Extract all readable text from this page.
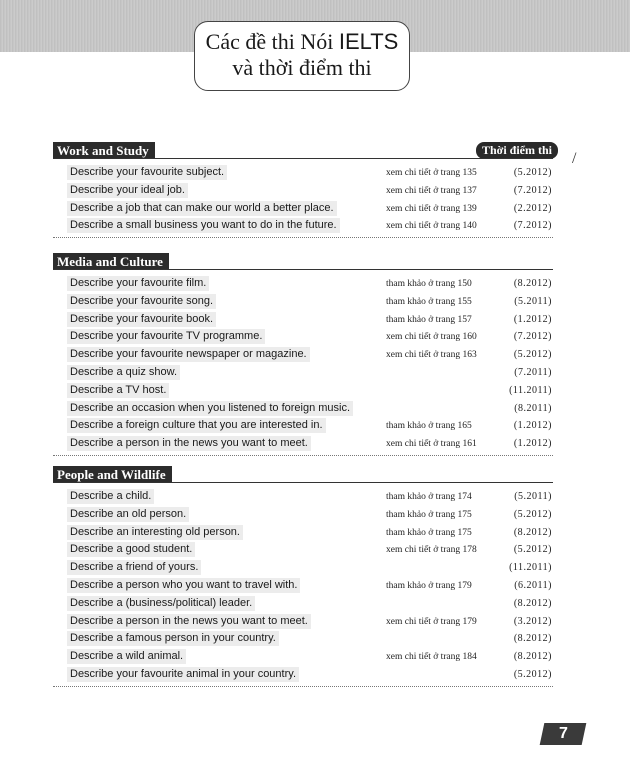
Các đề thi Nói IELTS
và thời điểm thi
Thời điểm thi	/
Work and Study
Describe your favourite subject.	xem chi tiết ở trang 135	(5.2012)
Describe your ideal job.	xem chi tiết ở trang 137	(7.2012)
Describe a job that can make our world a better place.	xem chi tiết ở trang 139	(2.2012)
Describe a small business you want to do in the future.	xem chi tiết ở trang 140	(7.2012)
Media and Culture
Describe your favourite film.	tham khảo ở trang 150	(8.2012)
Describe your favourite song.	tham khảo ở trang 155	(5.2011)
Describe your favourite book.	tham khảo ở trang 157	(1.2012)
Describe your favourite TV programme.	xem chi tiết ở trang 160	(7.2012)
Describe your favourite newspaper or magazine.	xem chi tiết ở trang 163	(5.2012)
Describe a quiz show.	(7.2011)
Describe a TV host.	(11.2011)
Describe an occasion when you listened to foreign music.	(8.2011)
Describe a foreign culture that you are interested in.	tham khảo ở trang 165	(1.2012)
Describe a person in the news you want to meet.	xem chi tiết ở trang 161	(1.2012)
People and Wildlife
Describe a child.	tham khảo ở trang 174	(5.2011)
Describe an old person.	tham khảo ở trang 175	(5.2012)
Describe an interesting old person.	tham khảo ở trang 175	(8.2012)
Describe a good student.	xem chi tiết ở trang 178	(5.2012)
Describe a friend of yours.	(11.2011)
Describe a person who you want to travel with.	tham khảo ở trang 179	(6.2011)
Describe a (business/political) leader.	(8.2012)
Describe a person in the news you want to meet.	xem chi tiết ở trang 179	(3.2012)
Describe a famous person in your country.	(8.2012)
Describe a wild animal.	xem chi tiết ở trang 184	(8.2012)
Describe your favourite animal in your country.	(5.2012)
7
